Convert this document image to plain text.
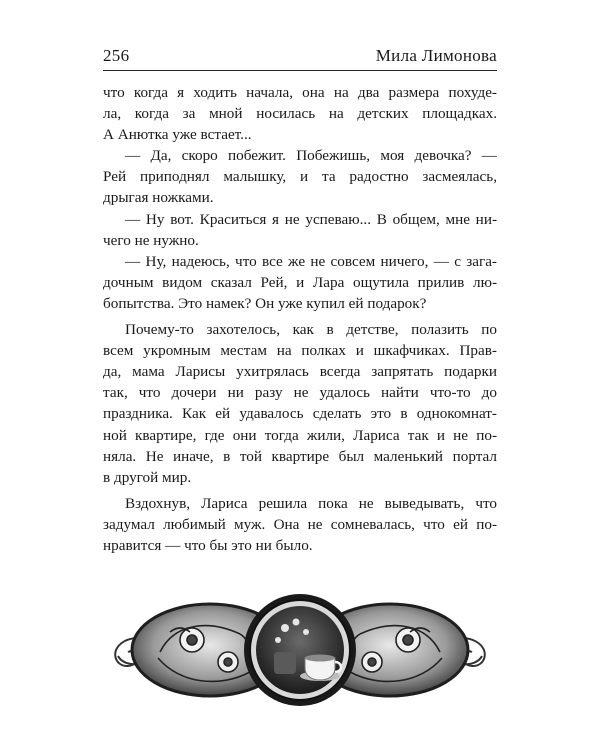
256	Мила Лимонова
что когда я ходить начала, она на два размера похуде-
ла, когда за мной носилась на детских площадках.
А Анютка уже встает...
— Да, скоро побежит. Побежишь, моя девочка? —
Рей приподнял малышку, и та радостно засмеялась,
дрыгая ножками.
— Ну вот. Краситься я не успеваю... В общем, мне ни-
чего не нужно.
— Ну, надеюсь, что все же не совсем ничего, — с зага-
дочным видом сказал Рей, и Лара ощутила прилив лю-
бопытства. Это намек? Он уже купил ей подарок?
Почему-то захотелось, как в детстве, полазить по
всем укромным местам на полках и шкафчиках. Прав-
да, мама Ларисы ухитрялась всегда запрятать подарки
так, что дочери ни разу не удалось найти что-то до
праздника. Как ей удавалось сделать это в однокомнат-
ной квартире, где они тогда жили, Лариса так и не по-
няла. Не иначе, в той квартире был маленький портал
в другой мир.
Вздохнув, Лариса решила пока не выведывать, что
задумал любимый муж. Она не сомневалась, что ей по-
нравится — что бы это ни было.
